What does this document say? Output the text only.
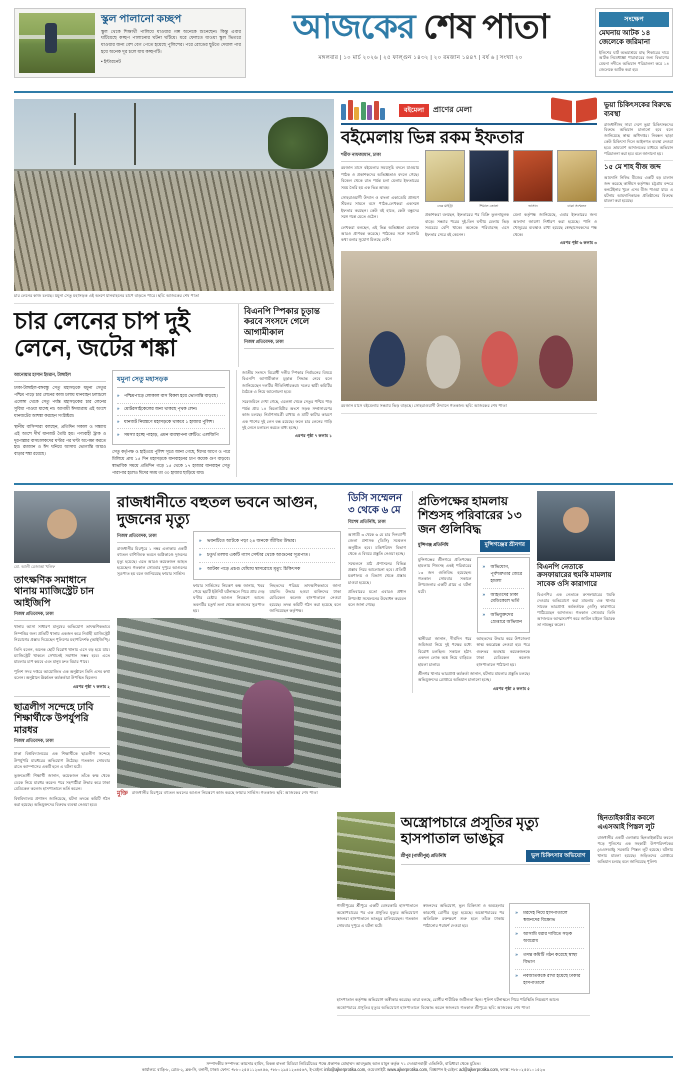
স্কুল পালানো কচ্ছপ

স্কুল থেকে শিক্ষার্থী পালিয়ে যাওয়ার গল্প অনেকে শুনেছেন। কিন্তু এবার ঘটিয়েছে কচ্ছপ পালানোর ঘটনা ঘটিয়ে। ধরে ফেলতে যাওয়া স্কুল ভিতরে যাওয়ার জন্য বেশ বেগ পেতে হয়েছে পুলিশের। পরে রোডের ছুটতে দেয়াল পার হয়ে অনেক দূর চলে যায় কচ্ছপটি।

• ইন্টারনেট
আজকের শেষ পাতা
মঙ্গলবার | ১০ মার্চ ২০২৬ | ২৫ ফাল্গুন ১৪৩২ | ২০ রমজান ১৪৪৭ | বর্ষ ৬ | সংখ্যা ২০
সংক্ষেপ
মেঘনায় আটক ১৪ জেলেকে জরিমানা

ইলিশের ঘাট অভয়াশ্রমে মাছ শিকারের দায়ে আটক নিষেধাজ্ঞা পারাবারের জন্য বিভাগের মেঘনা নদীতে অভিযান পরিচালনা করে ১৪ জেলেকে আটক করা হয়।

চার লেনের কাজ চলছে। যমুনা সেতু মহাসড়ক এই অংশে যানবাহনের চাপে বাড়তে পারে। ছবি: আজকের শেষ পাতা
চার লেনের চাপ দুই লেনে, জটের শঙ্কা
বিএনপি স্পিকার চূড়ান্ত করবে সংসদে গেলে আগামীকাল
নিজস্ব প্রতিবেদক, ঢাকা
আনোয়ার হাসান ইমরান, টাঙ্গাইল

ঢাকা-টাঙ্গাইল-বঙ্গবন্ধু সেতু মহাসড়কে যমুনা সেতুর পশ্চিম পাড়ে চার লেনের কাজ চলায় যানবাহন চলাচলে এলেঙ্গা থেকে সেতু পর্যন্ত মহাসড়কের চার লেনের সুবিধা পাওয়া যাচ্ছে না। আগামী ঈদযাত্রায় এই অংশে যানজটের আশঙ্কা করছেন সংশ্লিষ্টরা।

স্থানীয় বাসিন্দারা বলছেন, প্রতিদিন সকাল ও সন্ধ্যায় এই অংশে দীর্ঘ যানজট তৈরি হয়। পণ্যবাহী ট্রাক ও দূরপাল্লার বাসচালকদের ঘণ্টার পর ঘণ্টা অপেক্ষা করতে হয়। রমজান ও ঈদ ঘনিয়ে আসায় ভোগান্তি আরও বাড়ার শঙ্কা রয়েছে।

যমুনা সেতু মহাসড়ক
» পশ্চিমপাড়ে লোকাল বাস বিকল হয়ে ভোগান্তি বাড়ছে।
» মোটরসাইকেলের জন্য থাকছে পৃথক লেন।
» যানজট নিয়ন্ত্রণে মহাসড়কে থাকবে ১ হাজার পুলিশ।
» সমস্যা হচ্ছে পাহাড়, এমন ব্যবস্থাপনা ত্রুটিও: এলজিপি

সেতু কর্তৃপক্ষ ও হাইওয়ে পুলিশ সূত্রে জানা গেছে, ঈদের আগে ও পরে মিলিয়ে প্রায় ১৫ দিন মহাসড়কে যানবাহনের চাপ কয়েক গুণ বাড়বে। স্বাভাবিক সময়ে প্রতিদিন গড়ে ১৫ থেকে ১৭ হাজার যানবাহন সেতু পারাপার হলেও ঈদের সময় তা ৩০ হাজার ছাড়িয়ে যায়।

জাতীয় সংসদে বিরোধী দলীয় স্পিকার নির্বাচনের বিষয়ে বিএনপি আগামীকাল চূড়ান্ত সিদ্ধান্ত নেবে বলে জানিয়েছেন দলটির নীতিনির্ধারকরা। দলের স্থায়ী কমিটির বৈঠকে এ নিয়ে আলোচনা হবে।

সরেজমিনে দেখা গেছে, এলেঙ্গা থেকে সেতুর পশ্চিম পাড় পর্যন্ত প্রায় ১৪ কিলোমিটার অংশে সড়ক সম্প্রসারণের কাজ চলছে। নির্মাণসামগ্রী রাখায় ও মাটি কাটার কারণে এক পাশের দুই লেন বন্ধ রয়েছে। ফলে চার লেনের গাড়ি দুই লেনে চলাচল করতে বাধ্য হচ্ছে।

এরপর পৃষ্ঠা ৭ কলাম ১
বইমেলা	প্রাণের মেলা
বইমেলায় ভিন্ন রকম ইফতার
শরীফ নাফজামান, ঢাকা

রমজান মাসে বইমেলার সময়সূচি বদলে যাওয়ায় পাঠক ও প্রকাশকদের অভিজ্ঞতাও বদলে গেছে। বিকেল থেকে রাত পর্যন্ত চলা মেলায় ইফতারের সময় তৈরি হয় এক ভিন্ন আবহ।

সোহরাওয়ার্দী উদ্যান ও বাংলা একাডেমি প্রাঙ্গণে স্টলের সামনে বসে পাঠক-লেখকরা একসঙ্গে ইফতার করছেন। কেউ বই হাতে, কেউ বন্ধুদের সঙ্গে গল্পে মেতে ওঠেন।

লেখকরা বলছেন, এই ভিন্ন অভিজ্ঞতা মেলাকে আরও প্রাণবন্ত করেছে। পাঠকের সঙ্গে সরাসরি কথা বলার সুযোগ মিলছে বেশি।

নেত্র মাইট্রা	শিয়াল তোলা	ভাসান	ঢাকা সম্মেলন

প্রকাশকরা বলছেন, ইফতারের পর বিক্রি তুলনামূলক বাড়ে। সন্ধ্যার পরের দুই-তিন ঘণ্টায় মেলায় ভিড় সবচেয়ে বেশি থাকে। অনেকে পরিবারসহ এসে ইফতার সেরে বই কেনেন।

মেলা কর্তৃপক্ষ জানিয়েছে, এবার ইফতারের জন্য আলাদা জায়গা নির্ধারণ করা হয়েছে। পানি ও খেজুরের ব্যবস্থাও রাখা হয়েছে স্বেচ্ছাসেবকদের পক্ষ থেকে।

এরপর পৃষ্ঠা ৬ কলাম ৩
রমজান মাসে বইমেলায় সন্ধ্যায় ভিড় বাড়ছে। সোহরাওয়ার্দী উদ্যানে গতকাল। ছবি: আজকের শেষ পাতা
ভুয়া চিকিৎসকের বিরুদ্ধে ব্যবস্থা

রাজধানীসহ সারা দেশে ভুয়া চিকিৎসকদের বিরুদ্ধে অভিযান চালানো হবে বলে জানিয়েছে স্বাস্থ্য অধিদপ্তর। নিবন্ধন ছাড়া কেউ চিকিৎসা দিলে আইনগত ব্যবস্থা নেওয়া হবে। ভ্রাম্যমাণ আদালতের মাধ্যমে অভিযান পরিচালনা করা হবে বলে জানানো হয়।

১৫ মে শাহ বীজ জব্দ

আমদানি নিষিদ্ধ বীজের একটি বড় চালান জব্দ করেছে কাস্টমস কর্তৃপক্ষ। চট্টগ্রাম বন্দরে কনটেইনার খুলে এসব বীজ পাওয়া যায়। এ ঘটনায় আমদানিকারক প্রতিষ্ঠানের বিরুদ্ধে মামলা করা হয়েছে।

মো. আলী রেজাআ খলিফ
তাৎক্ষণিক সমাধানে থানায় ম্যাজিস্ট্রেট চান আইজিপি
নিজস্ব প্রতিবেদক, ঢাকা

থানায় আসা সাধারণ মানুষের অভিযোগ তাৎক্ষণিকভাবে নিষ্পত্তির জন্য প্রতিটি থানায় একজন করে নির্বাহী ম্যাজিস্ট্রেট নিয়োগের প্রস্তাব দিয়েছেন পুলিশের মহাপরিদর্শক (আইজিপি)।

তিনি বলেন, অনেক ছোট বিরোধ থানায় এসে বড় হয়ে যায়। ম্যাজিস্ট্রেট থাকলে সেখানেই সমাধান সম্ভব হবে। এতে মামলার চাপ কমবে এবং মানুষ দ্রুত বিচার পাবে।

পুলিশ সদর দপ্তরে আয়োজিত এক অনুষ্ঠানে তিনি এসব কথা বলেন। অনুষ্ঠানে ঊর্ধ্বতন কর্মকর্তারা উপস্থিত ছিলেন।

এরপর পৃষ্ঠা ৭ কলাম ২
ছাত্রলীগ সন্দেহে ঢাবি শিক্ষার্থীকে উপর্যুপরি মারধর
নিজস্ব প্রতিবেদক, ঢাকা

ঢাকা বিশ্ববিদ্যালয়ের এক শিক্ষার্থীকে ছাত্রলীগ সন্দেহে উপর্যুপরি মারধরের অভিযোগ উঠেছে। গতকাল সোমবার রাতে ক্যাম্পাসের একটি হলে এ ঘটনা ঘটে।

ভুক্তভোগী শিক্ষার্থী জানান, কয়েকজন তাঁকে কক্ষ থেকে ডেকে নিয়ে মারধর করেন। পরে সহপাঠীরা উদ্ধার করে ঢাকা মেডিকেল কলেজ হাসপাতালে ভর্তি করেন।

বিশ্ববিদ্যালয় প্রশাসন জানিয়েছে, ঘটনা তদন্তে কমিটি গঠন করা হয়েছে। অভিযুক্তদের বিরুদ্ধে ব্যবস্থা নেওয়া হবে।

রাজধানীতে বহুতল ভবনে আগুন, দুজনের মৃত্যু
নিজস্ব প্রতিবেদক, ঢাকা

রাজধানীর মিরপুরে ১ নম্বর এলাকায় একটি বহুতল বাণিজ্যিক ভবনে অগ্নিকাণ্ডে দুজনের মৃত্যু হয়েছে। এতে আরও কয়েকজন আহত হয়েছেন। গতকাল সোমবার দুপুরে আগুনের সূত্রপাত হয় বলে জানিয়েছে ফায়ার সার্ভিস।

» ভবনটিতে আটকে পড়া ২৪ জনকে জীবিত উদ্ধার।
» চতুর্থ তলায় একটি গ্যাস সেন্টার থেকে আগুনের সূত্রপাত।
» আটকা পড়ে প্রচণ্ড ধোঁয়ায় শ্বাসরোধে মৃত্যু: চিকিৎসক

ফায়ার সার্ভিসের নিয়ন্ত্রণ কক্ষ জানায়, খবর পেয়ে ছয়টি ইউনিট ঘটনাস্থলে গিয়ে প্রায় দেড় ঘণ্টার চেষ্টায় আগুন নিয়ন্ত্রণে আনে। ভবনটির চতুর্থ তলা থেকে আগুনের সূত্রপাত হয়।

নিহতদের পরিচয় তাৎক্ষণিকভাবে জানা যায়নি। উদ্ধার হওয়া ব্যক্তিদের ঢাকা মেডিকেল কলেজ হাসপাতালে নেওয়া হয়েছে। তদন্ত কমিটি গঠন করা হয়েছে বলে জানিয়েছেন কর্তৃপক্ষ।

মুক্তি রাজধানীর মিরপুরে বহুতল ভবনের আগুন নিয়ন্ত্রণে কাজ করছে ফায়ার সার্ভিস। গতকাল। ছবি: আজকের শেষ পাতা
ডিসি সম্মেলন ৩ থেকে ৬ মে
বিশেষ প্রতিনিধি, ঢাকা

আগামী ৩ থেকে ৬ মে চার দিনব্যাপী জেলা প্রশাসক (ডিসি) সম্মেলন অনুষ্ঠিত হবে। মন্ত্রিপরিষদ বিভাগ থেকে এ বিষয়ে প্রস্তুতি নেওয়া হচ্ছে।

সম্মেলনে মাঠ প্রশাসনের বিভিন্ন প্রস্তাব নিয়ে আলোচনা হবে। প্রতিটি মন্ত্রণালয় ও বিভাগ থেকে প্রস্তাব চাওয়া হয়েছে।

প্রতিবারের মতো এবারও প্রধান উপদেষ্টা সম্মেলনের উদ্বোধন করবেন বলে জানা গেছে।

প্রতিপক্ষের হামলায় শিশুসহ পরিবারের ১৩ জন গুলিবিদ্ধ
মুন্সিগঞ্জ প্রতিনিধি	মুন্সিগঞ্জের শ্রীনগর

মুন্সিগঞ্জের শ্রীনগরে প্রতিপক্ষের হামলায় শিশুসহ একই পরিবারের ১৩ জন গুলিবিদ্ধ হয়েছেন। গতকাল সোমবার সকালে উপজেলার একটি গ্রামে এ ঘটনা ঘটে।

» অভিযোগ, পূর্বশত্রুতার জেরে হামলা
» আহতদের ঢাকা মেডিকেলে ভর্তি
» অভিযুক্তদের গ্রেপ্তারে অভিযান

স্থানীয়রা জানান, দীর্ঘদিন ধরে জমিজমা নিয়ে দুই পক্ষের মধ্যে বিরোধ চলছিল। সকালে হঠাৎ একদল লোক অস্ত্র নিয়ে বাড়িতে হামলা চালায়।

আহতদের উদ্ধার করে উপজেলা স্বাস্থ্য কমপ্লেক্সে নেওয়া হয়। পরে গুরুতর অবস্থায় কয়েকজনকে ঢাকা মেডিকেল কলেজ হাসপাতালে পাঠানো হয়।

শ্রীনগর থানার ভারপ্রাপ্ত কর্মকর্তা জানান, ঘটনায় মামলার প্রস্তুতি চলছে। অভিযুক্তদের গ্রেপ্তারে অভিযান চালানো হচ্ছে।

এরপর পৃষ্ঠা ৫ কলাম ৫
বিএনপি নেতাকে ক্রসফায়ারের হুমকি মামলায় সাবেক ওসি কারাগারে

বিএনপির এক নেতাকে ক্রসফায়ারের হুমকি দেওয়ার অভিযোগে করা মামলায় এক থানার সাবেক ভারপ্রাপ্ত কর্মকর্তাকে (ওসি) কারাগারে পাঠিয়েছেন আদালত। গতকাল সোমবার তিনি আদালতে আত্মসমর্পণ করে জামিন চাইলে বিচারক তা নামঞ্জুর করেন।

অস্ত্রোপচারে প্রসূতির মৃত্যু হাসপাতাল ভাঙচুর
শ্রীপুর (গাজীপুর) প্রতিনিধি	ভুল চিকিৎসার অভিযোগ

গাজীপুরের শ্রীপুরে একটি বেসরকারি হাসপাতালে অস্ত্রোপচারের পর এক প্রসূতির মৃত্যুর অভিযোগে স্বজনরা হাসপাতালে ভাঙচুর চালিয়েছেন। গতকাল সোমবার দুপুরে এ ঘটনা ঘটে।

স্বজনদের অভিযোগ, ভুল চিকিৎসা ও অবহেলার কারণেই রোগীর মৃত্যু হয়েছে। অস্ত্রোপচারের পর অতিরিক্ত রক্তক্ষরণ শুরু হলে তাঁকে ঢাকায় পাঠানোর পরামর্শ দেওয়া হয়।

» মরদেহ নিয়ে হাসপাতালে স্বজনদের বিক্ষোভ
» আসামি ধরার দাবিতে সড়ক অবরোধ
» তদন্ত কমিটি গঠন করেছে স্বাস্থ্য বিভাগ
» নবজাতককে রাখা হয়েছে ঢাকার হাসপাতালে

হাসপাতাল কর্তৃপক্ষ অভিযোগ অস্বীকার করেছে। তারা বলছে, রোগীর শারীরিক জটিলতা ছিল। পুলিশ ঘটনাস্থলে গিয়ে পরিস্থিতি নিয়ন্ত্রণে আনে।

অস্ত্রোপচারে প্রসূতির মৃত্যুর অভিযোগে হাসপাতালে বিক্ষোভ করেন স্বজনরা। গতকাল শ্রীপুরে। ছবি: আজকের শেষ পাতা
ছিনতাইকারীর কবলে এএসআই পিস্তল লুট

রাজধানীর একটি এলাকায় ছিনতাইকারীর কবলে পড়ে পুলিশের এক সহকারী উপপরিদর্শকের (এএসআই) সরকারি পিস্তল লুট হয়েছে। ঘটনায় থানায় মামলা হয়েছে। জড়িতদের গ্রেপ্তারে অভিযান চলছে বলে জানিয়েছে পুলিশ।

সম্পাদকীয় সম্পাদক: কায়সার হামিদ, বিকল্প বাংলা মিডিয়া লিমিটেডের পক্ষে প্রকাশক মোহাম্মদ আবদুল্লাহ আল মামুন কর্তৃক ৭১ দেওয়ানবাড়ী এভিনিউ, বারিধারা থেকে মুদ্রিত।

কার্যালয়: বাড়ি-৮, রোড-২, ব্লক-সি, বনানী, ঢাকা। ফোন: +৮৮০২৫৫১১২৩৪৫৬, +৮৮০২৯৫১২৩৪৫৬৭, ই-মেইল: info@ajkerprotika.com, ওয়েবসাইট: www.ajkerprotika.com, বিজ্ঞাপন ই-মেইল: ad@ajkerprotika.com, ফ্যাক্স: +৮৮০২৫৫১০১৫২৩
